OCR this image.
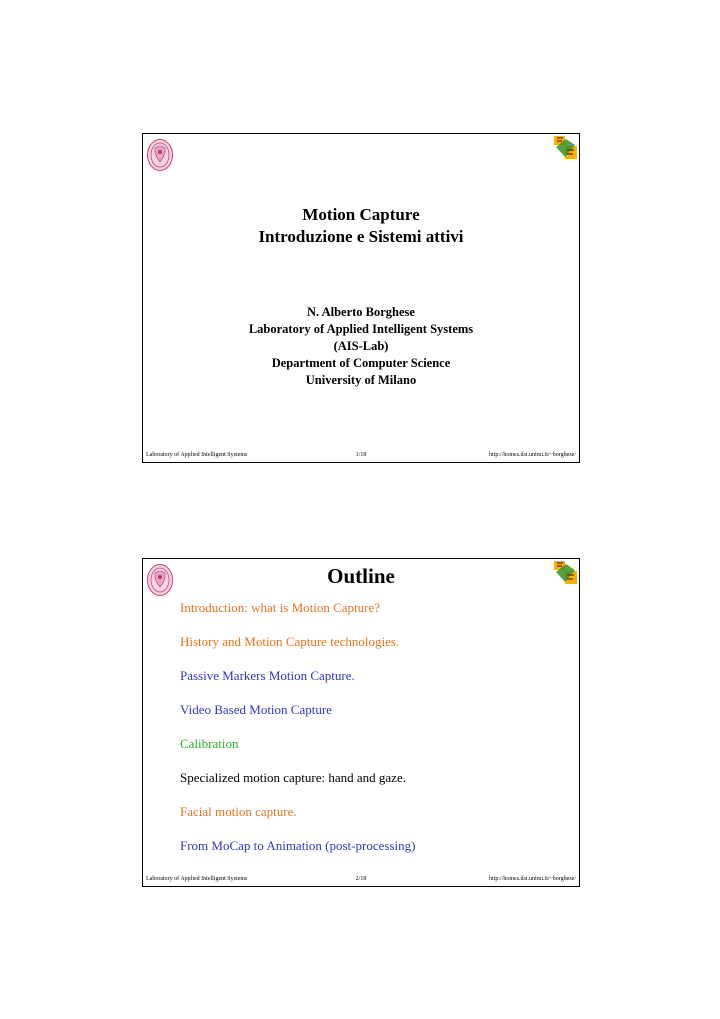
Motion Capture
Introduzione e Sistemi attivi
N. Alberto Borghese
Laboratory of Applied Intelligent Systems
(AIS-Lab)
Department of Computer Science
University of Milano
Laboratory of Applied Intelligent Systems	1/18	http://homes.dsi.unimi.it/~borghese/
Outline
Introduction: what is Motion Capture?
History and Motion Capture technologies.
Passive Markers Motion Capture.
Video Based Motion Capture
Calibration
Specialized motion capture: hand and gaze.
Facial motion capture.
From MoCap to Animation (post-processing)
Laboratory of Applied Intelligent Systems	2/18	http://homes.dsi.unimi.it/~borghese/
